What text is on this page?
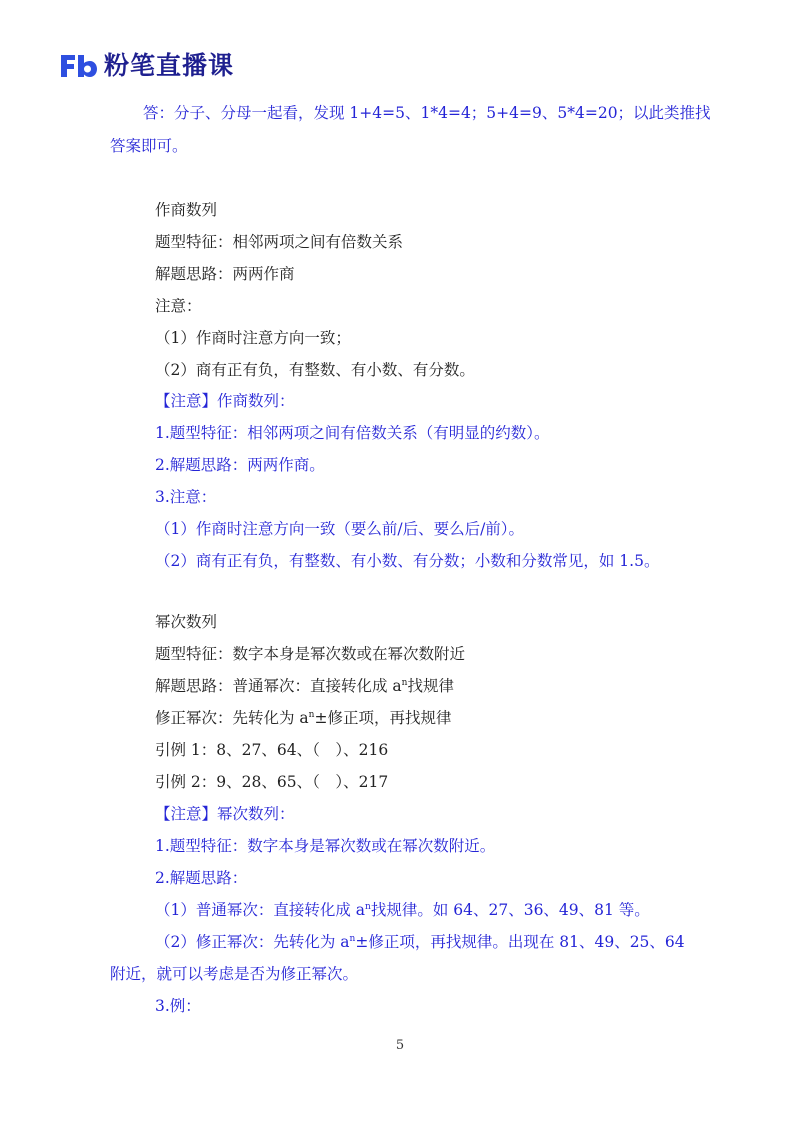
粉笔直播课
答：分子、分母一起看，发现 1+4=5、1*4=4；5+4=9、5*4=20；以此类推找
答案即可。
作商数列
题型特征：相邻两项之间有倍数关系
解题思路：两两作商
注意：
（1）作商时注意方向一致；
（2）商有正有负，有整数、有小数、有分数。
【注意】作商数列：
1.题型特征：相邻两项之间有倍数关系（有明显的约数）。
2.解题思路：两两作商。
3.注意：
（1）作商时注意方向一致（要么前/后、要么后/前）。
（2）商有正有负，有整数、有小数、有分数；小数和分数常见，如 1.5。
幂次数列
题型特征：数字本身是幂次数或在幂次数附近
解题思路：普通幂次：直接转化成 $a^n$找规律
修正幂次：先转化为 $a^n\pm$修正项，再找规律
引例 1：8、27、64、（　）、216
引例 2：9、28、65、（　）、217
【注意】幂次数列：
1.题型特征：数字本身是幂次数或在幂次数附近。
2.解题思路：
（1）普通幂次：直接转化成 $a^n$找规律。如 64、27、36、49、81 等。
（2）修正幂次：先转化为 $a^n\pm$修正项，再找规律。出现在 81、49、25、64
附近，就可以考虑是否为修正幂次。
3.例：
5
